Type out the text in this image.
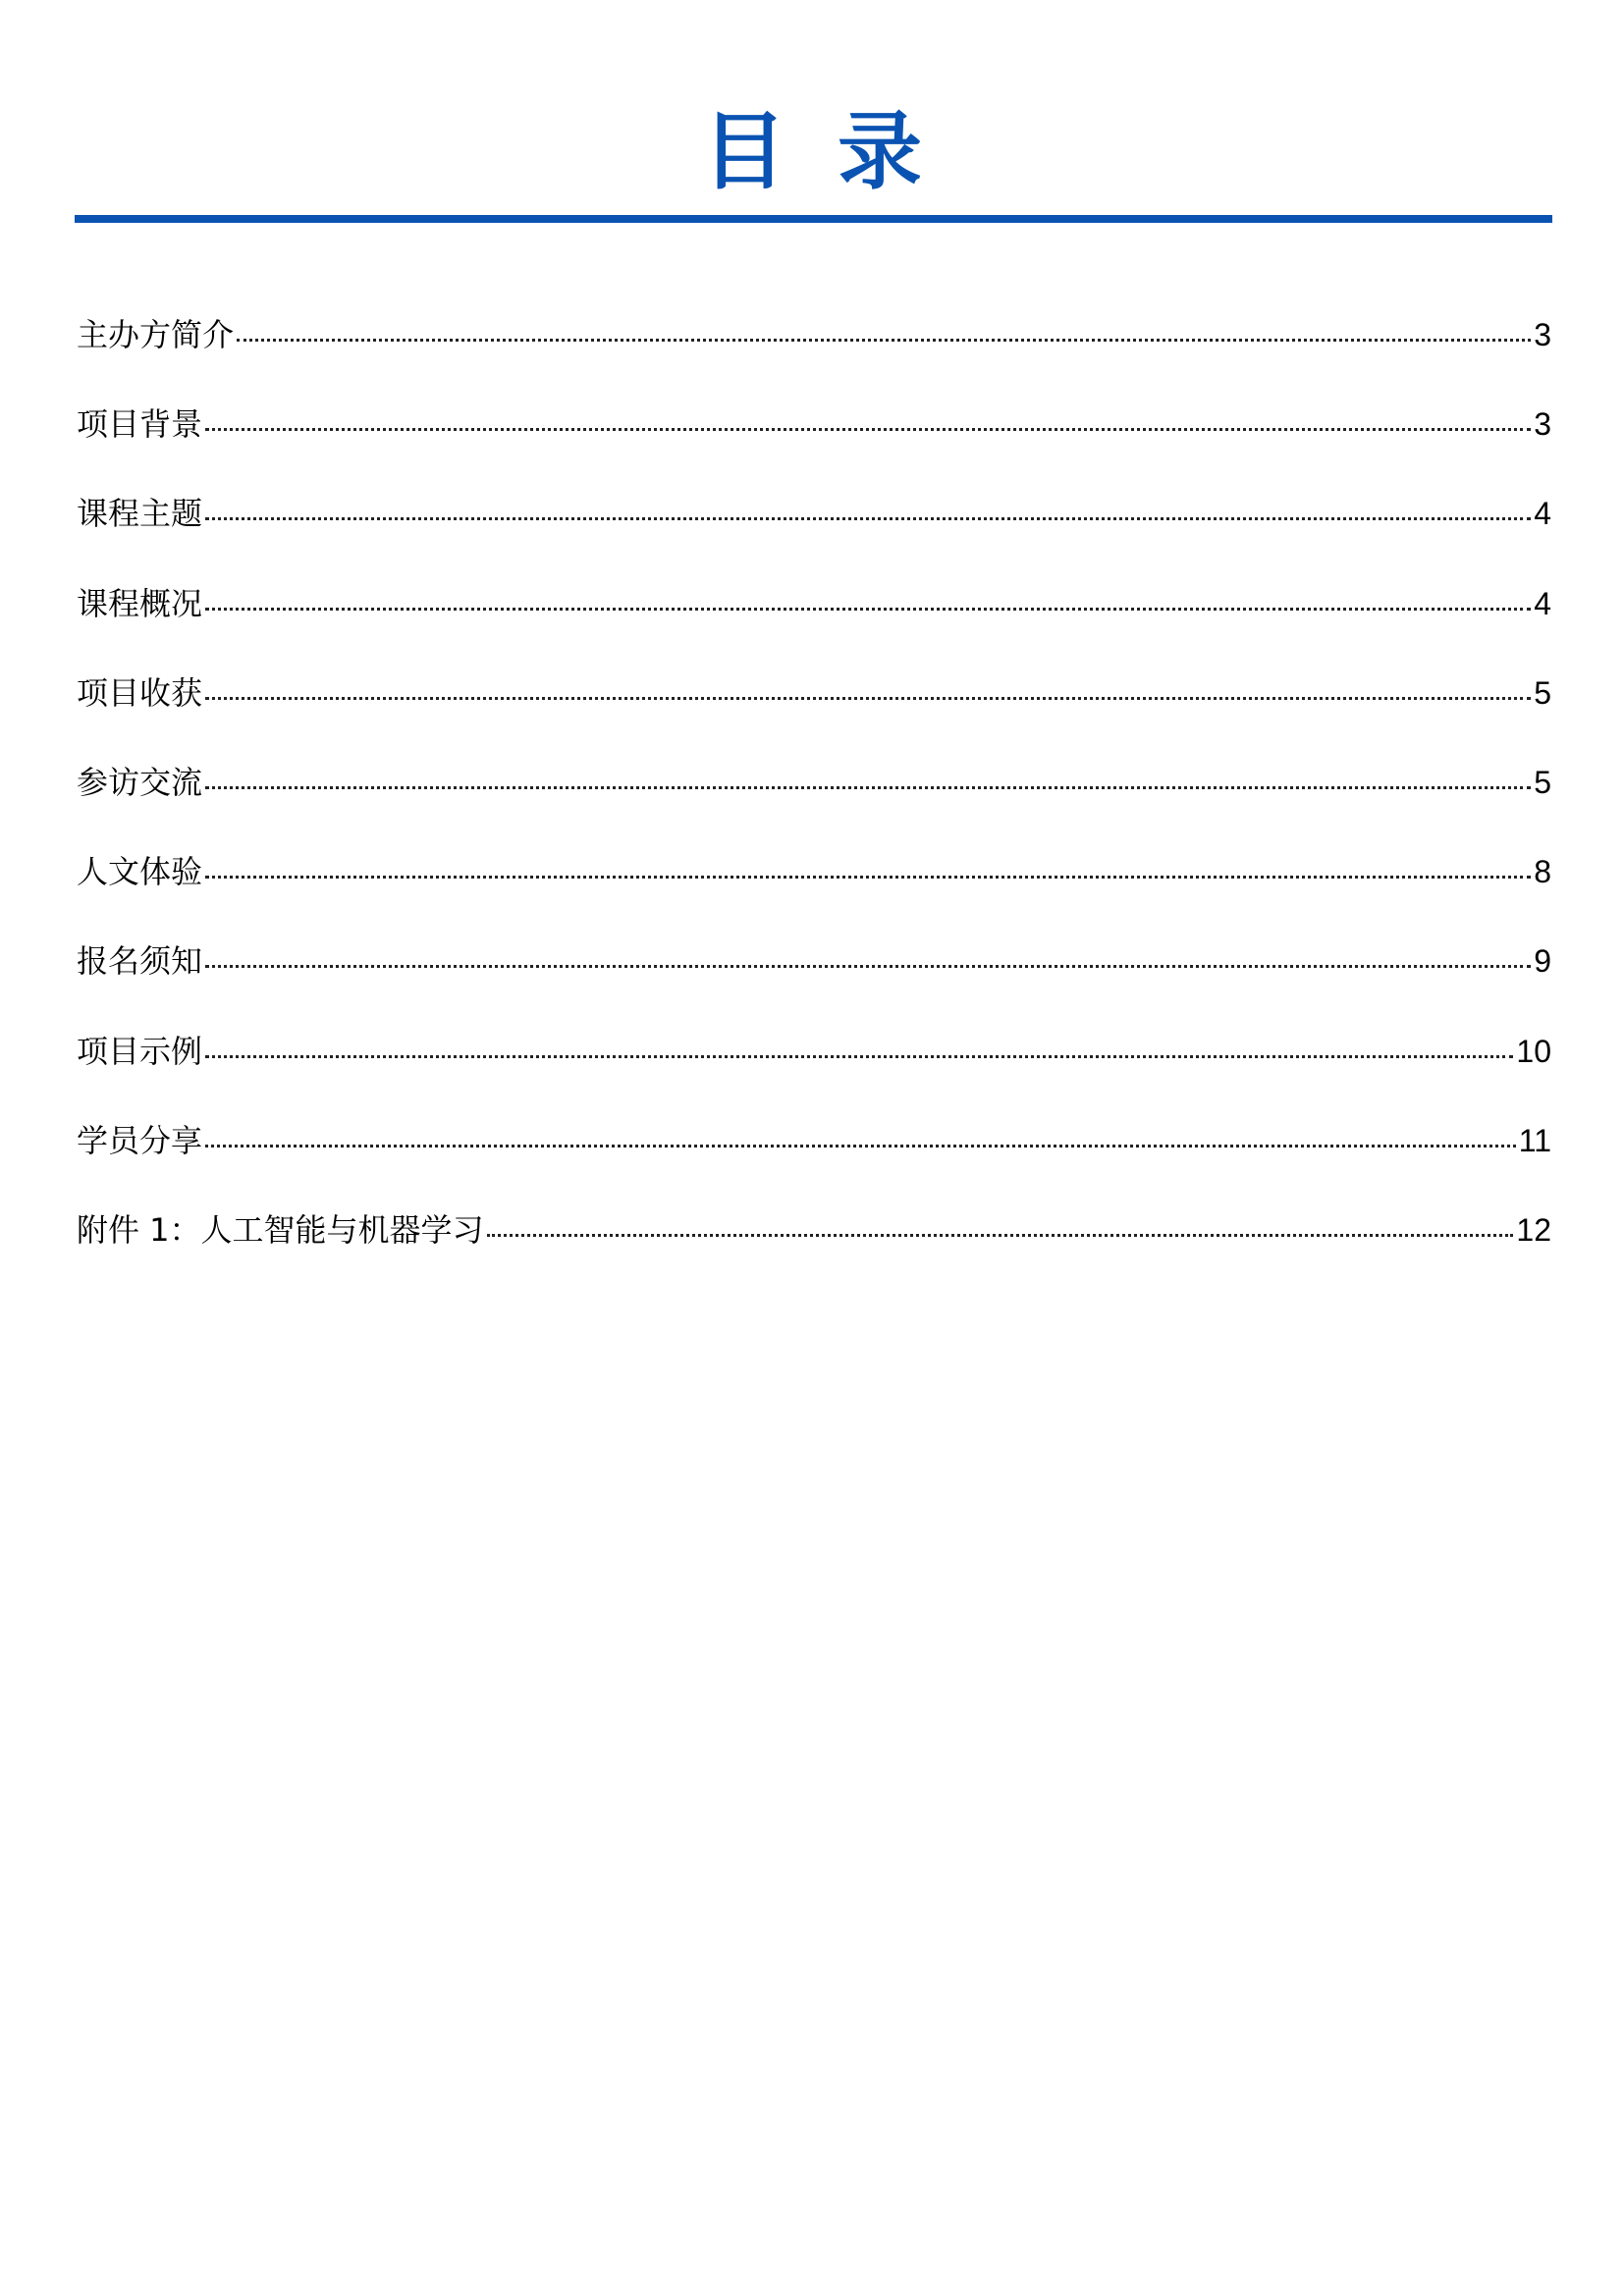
目录
主办方简介	3
项目背景	3
课程主题	4
课程概况	4
项目收获	5
参访交流	5
人文体验	8
报名须知	9
项目示例	10
学员分享	11
附件 1：人工智能与机器学习	12
